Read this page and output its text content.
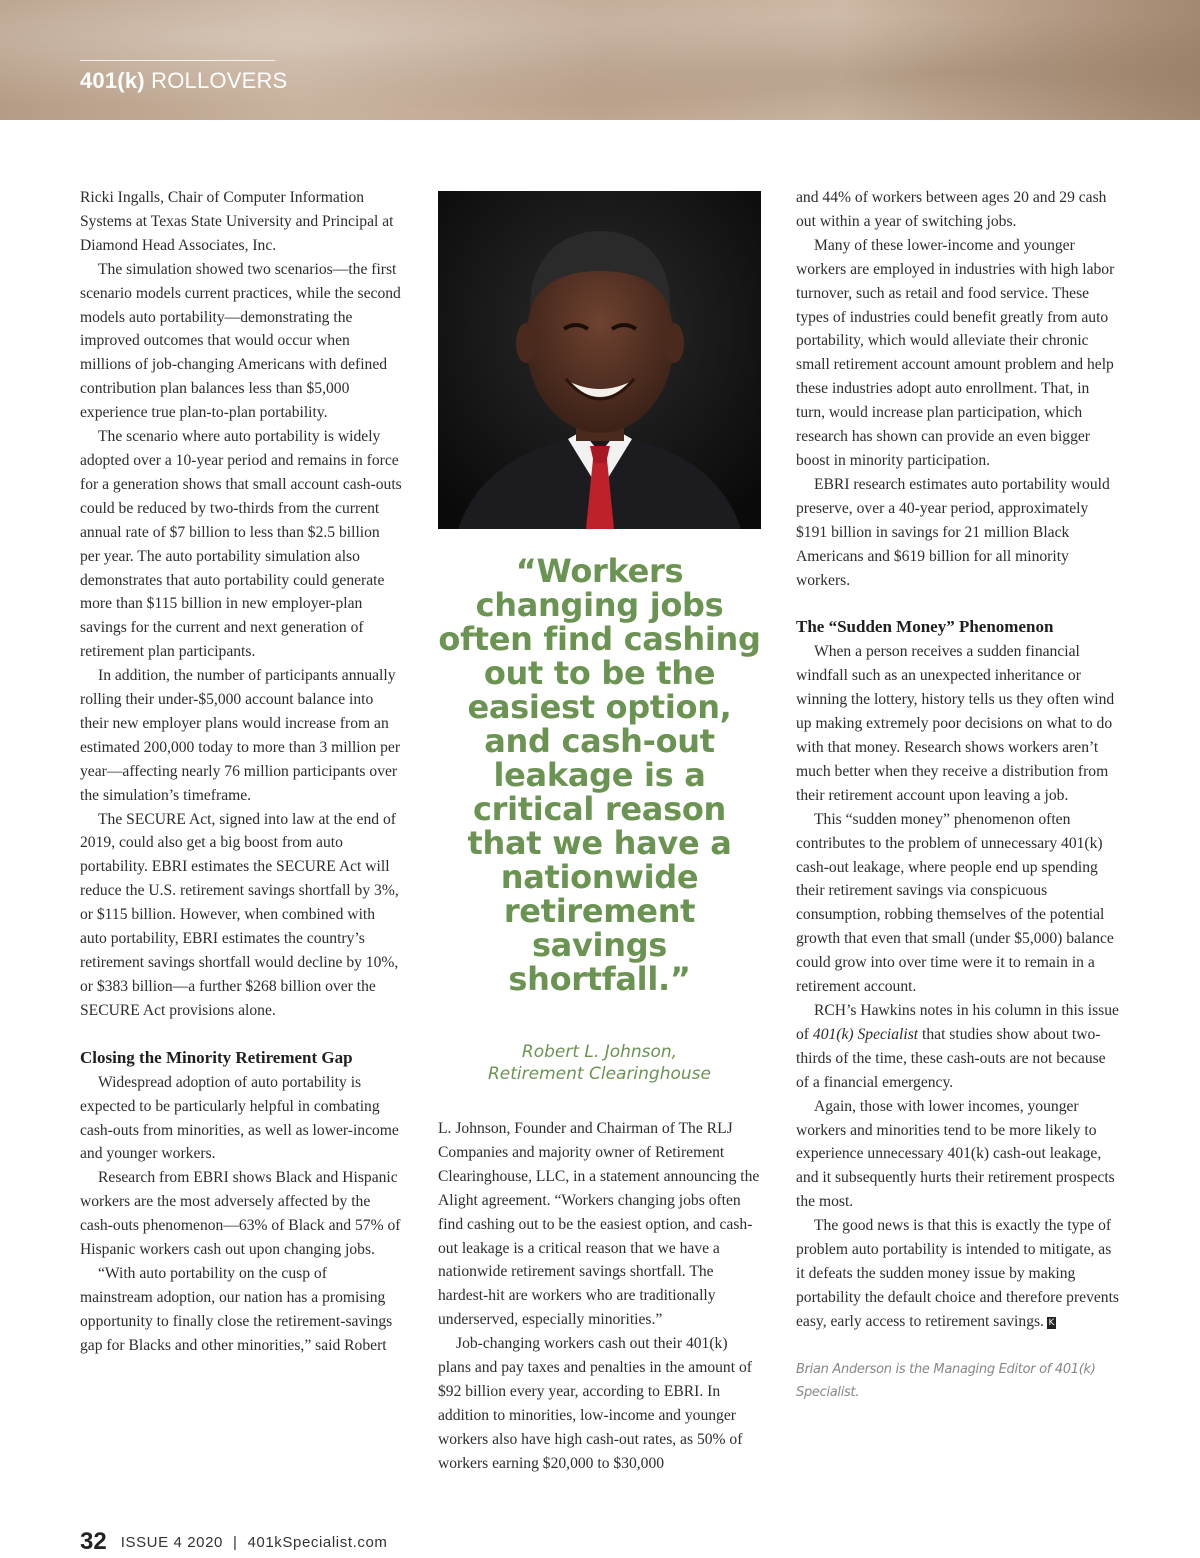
401(k) ROLLOVERS

Ricki Ingalls, Chair of Computer Information Systems at Texas State University and Principal at Diamond Head Associates, Inc.

The simulation showed two scenarios—the first scenario models current practices, while the second models auto portability—demonstrating the improved outcomes that would occur when millions of job-changing Americans with defined contribution plan balances less than $5,000 experience true plan-to-plan portability.

The scenario where auto portability is widely adopted over a 10-year period and remains in force for a generation shows that small account cash-outs could be reduced by two-thirds from the current annual rate of $7 billion to less than $2.5 billion per year. The auto portability simulation also demonstrates that auto portability could generate more than $115 billion in new employer-plan savings for the current and next generation of retirement plan participants.

In addition, the number of participants annually rolling their under-$5,000 account balance into their new employer plans would increase from an estimated 200,000 today to more than 3 million per year—affecting nearly 76 million participants over the simulation’s timeframe.

The SECURE Act, signed into law at the end of 2019, could also get a big boost from auto portability. EBRI estimates the SECURE Act will reduce the U.S. retirement savings shortfall by 3%, or $115 billion. However, when combined with auto portability, EBRI estimates the country’s retirement savings shortfall would decline by 10%, or $383 billion—a further $268 billion over the SECURE Act provisions alone.

Closing the Minority Retirement Gap

Widespread adoption of auto portability is expected to be particularly helpful in combating cash-outs from minorities, as well as lower-income and younger workers.

Research from EBRI shows Black and Hispanic workers are the most adversely affected by the cash-outs phenomenon—63% of Black and 57% of Hispanic workers cash out upon changing jobs.

“With auto portability on the cusp of mainstream adoption, our nation has a promising opportunity to finally close the retirement-savings gap for Blacks and other minorities,” said Robert

“Workers changing jobs often find cashing out to be the easiest option, and cash-out leakage is a critical reason that we have a nationwide retirement savings shortfall.”
Robert L. Johnson,
Retirement Clearinghouse

L. Johnson, Founder and Chairman of The RLJ Companies and majority owner of Retirement Clearinghouse, LLC, in a statement announcing the Alight agreement. “Workers changing jobs often find cashing out to be the easiest option, and cash-out leakage is a critical reason that we have a nationwide retirement savings shortfall. The hardest-hit are workers who are traditionally underserved, especially minorities.”

Job-changing workers cash out their 401(k) plans and pay taxes and penalties in the amount of $92 billion every year, according to EBRI. In addition to minorities, low-income and younger workers also have high cash-out rates, as 50% of workers earning $20,000 to $30,000

and 44% of workers between ages 20 and 29 cash out within a year of switching jobs.

Many of these lower-income and younger workers are employed in industries with high labor turnover, such as retail and food service. These types of industries could benefit greatly from auto portability, which would alleviate their chronic small retirement account amount problem and help these industries adopt auto enrollment. That, in turn, would increase plan participation, which research has shown can provide an even bigger boost in minority participation.

EBRI research estimates auto portability would preserve, over a 40-year period, approximately $191 billion in savings for 21 million Black Americans and $619 billion for all minority workers.

The “Sudden Money” Phenomenon

When a person receives a sudden financial windfall such as an unexpected inheritance or winning the lottery, history tells us they often wind up making extremely poor decisions on what to do with that money. Research shows workers aren’t much better when they receive a distribution from their retirement account upon leaving a job.

This “sudden money” phenomenon often contributes to the problem of unnecessary 401(k) cash-out leakage, where people end up spending their retirement savings via conspicuous consumption, robbing themselves of the potential growth that even that small (under $5,000) balance could grow into over time were it to remain in a retirement account.

RCH’s Hawkins notes in his column in this issue of 401(k) Specialist that studies show about two-thirds of the time, these cash-outs are not because of a financial emergency.

Again, those with lower incomes, younger workers and minorities tend to be more likely to experience unnecessary 401(k) cash-out leakage, and it subsequently hurts their retirement prospects the most.

The good news is that this is exactly the type of problem auto portability is intended to mitigate, as it defeats the sudden money issue by making portability the default choice and therefore prevents easy, early access to retirement savings. K

Brian Anderson is the Managing Editor of 401(k) Specialist.

32 ISSUE 4 2020 | 401kSpecialist.com
